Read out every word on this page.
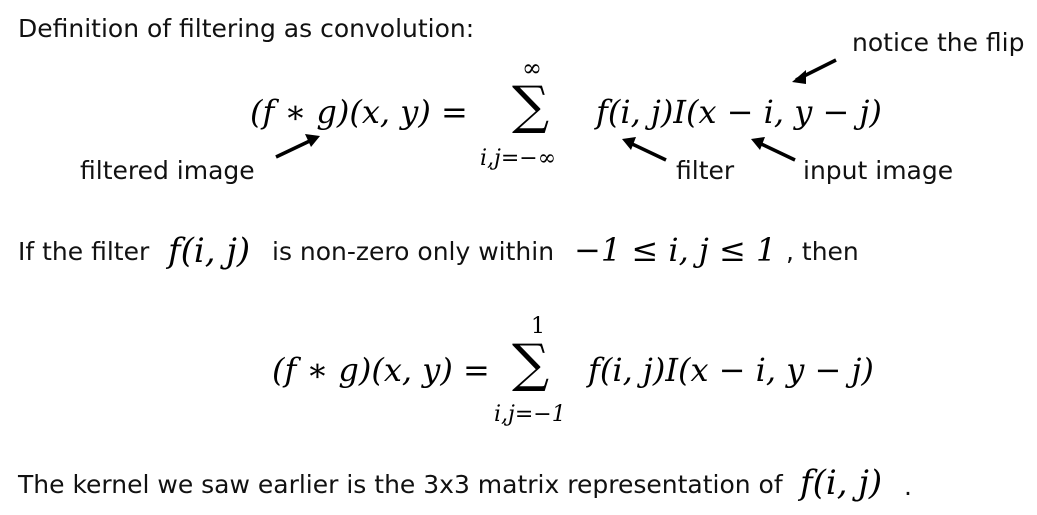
Definition of filtering as convolution:	notice the flip
(f ∗ g)(x, y) =
∞
∑
i,j=−∞
f(i, j)I(x − i, y − j)
filtered image	filter	input image
If the filter f(i, j) is non-zero only within −1 ≤ i, j ≤ 1 , then
(f ∗ g)(x, y) =
1
∑
i,j=−1
f(i, j)I(x − i, y − j)
The kernel we saw earlier is the 3x3 matrix representation of f(i, j) .
